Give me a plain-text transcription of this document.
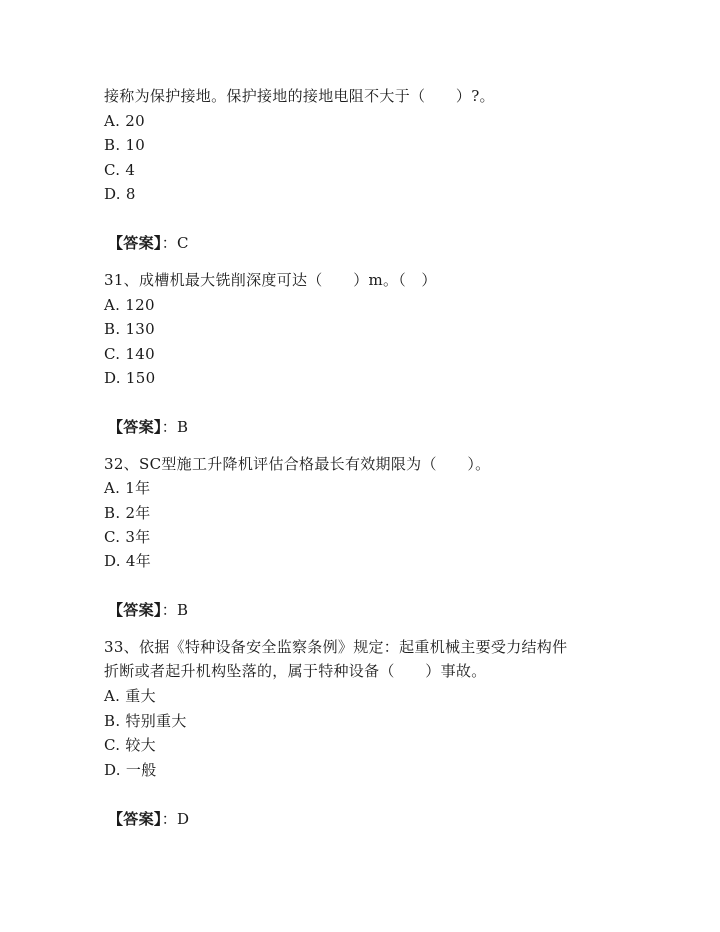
接称为保护接地。保护接地的接地电阻不大于（　　）?。
A. 20
B. 10
C. 4
D. 8
【答案】：C
31、成槽机最大铣削深度可达（　　）m。（　）
A. 120
B. 130
C. 140
D. 150
【答案】：B
32、SC型施工升降机评估合格最长有效期限为（　　）。
A. 1年
B. 2年
C. 3年
D. 4年
【答案】：B
33、依据《特种设备安全监察条例》规定：起重机械主要受力结构件
折断或者起升机构坠落的，属于特种设备（　　）事故。
A. 重大
B. 特别重大
C. 较大
D. 一般
【答案】：D
